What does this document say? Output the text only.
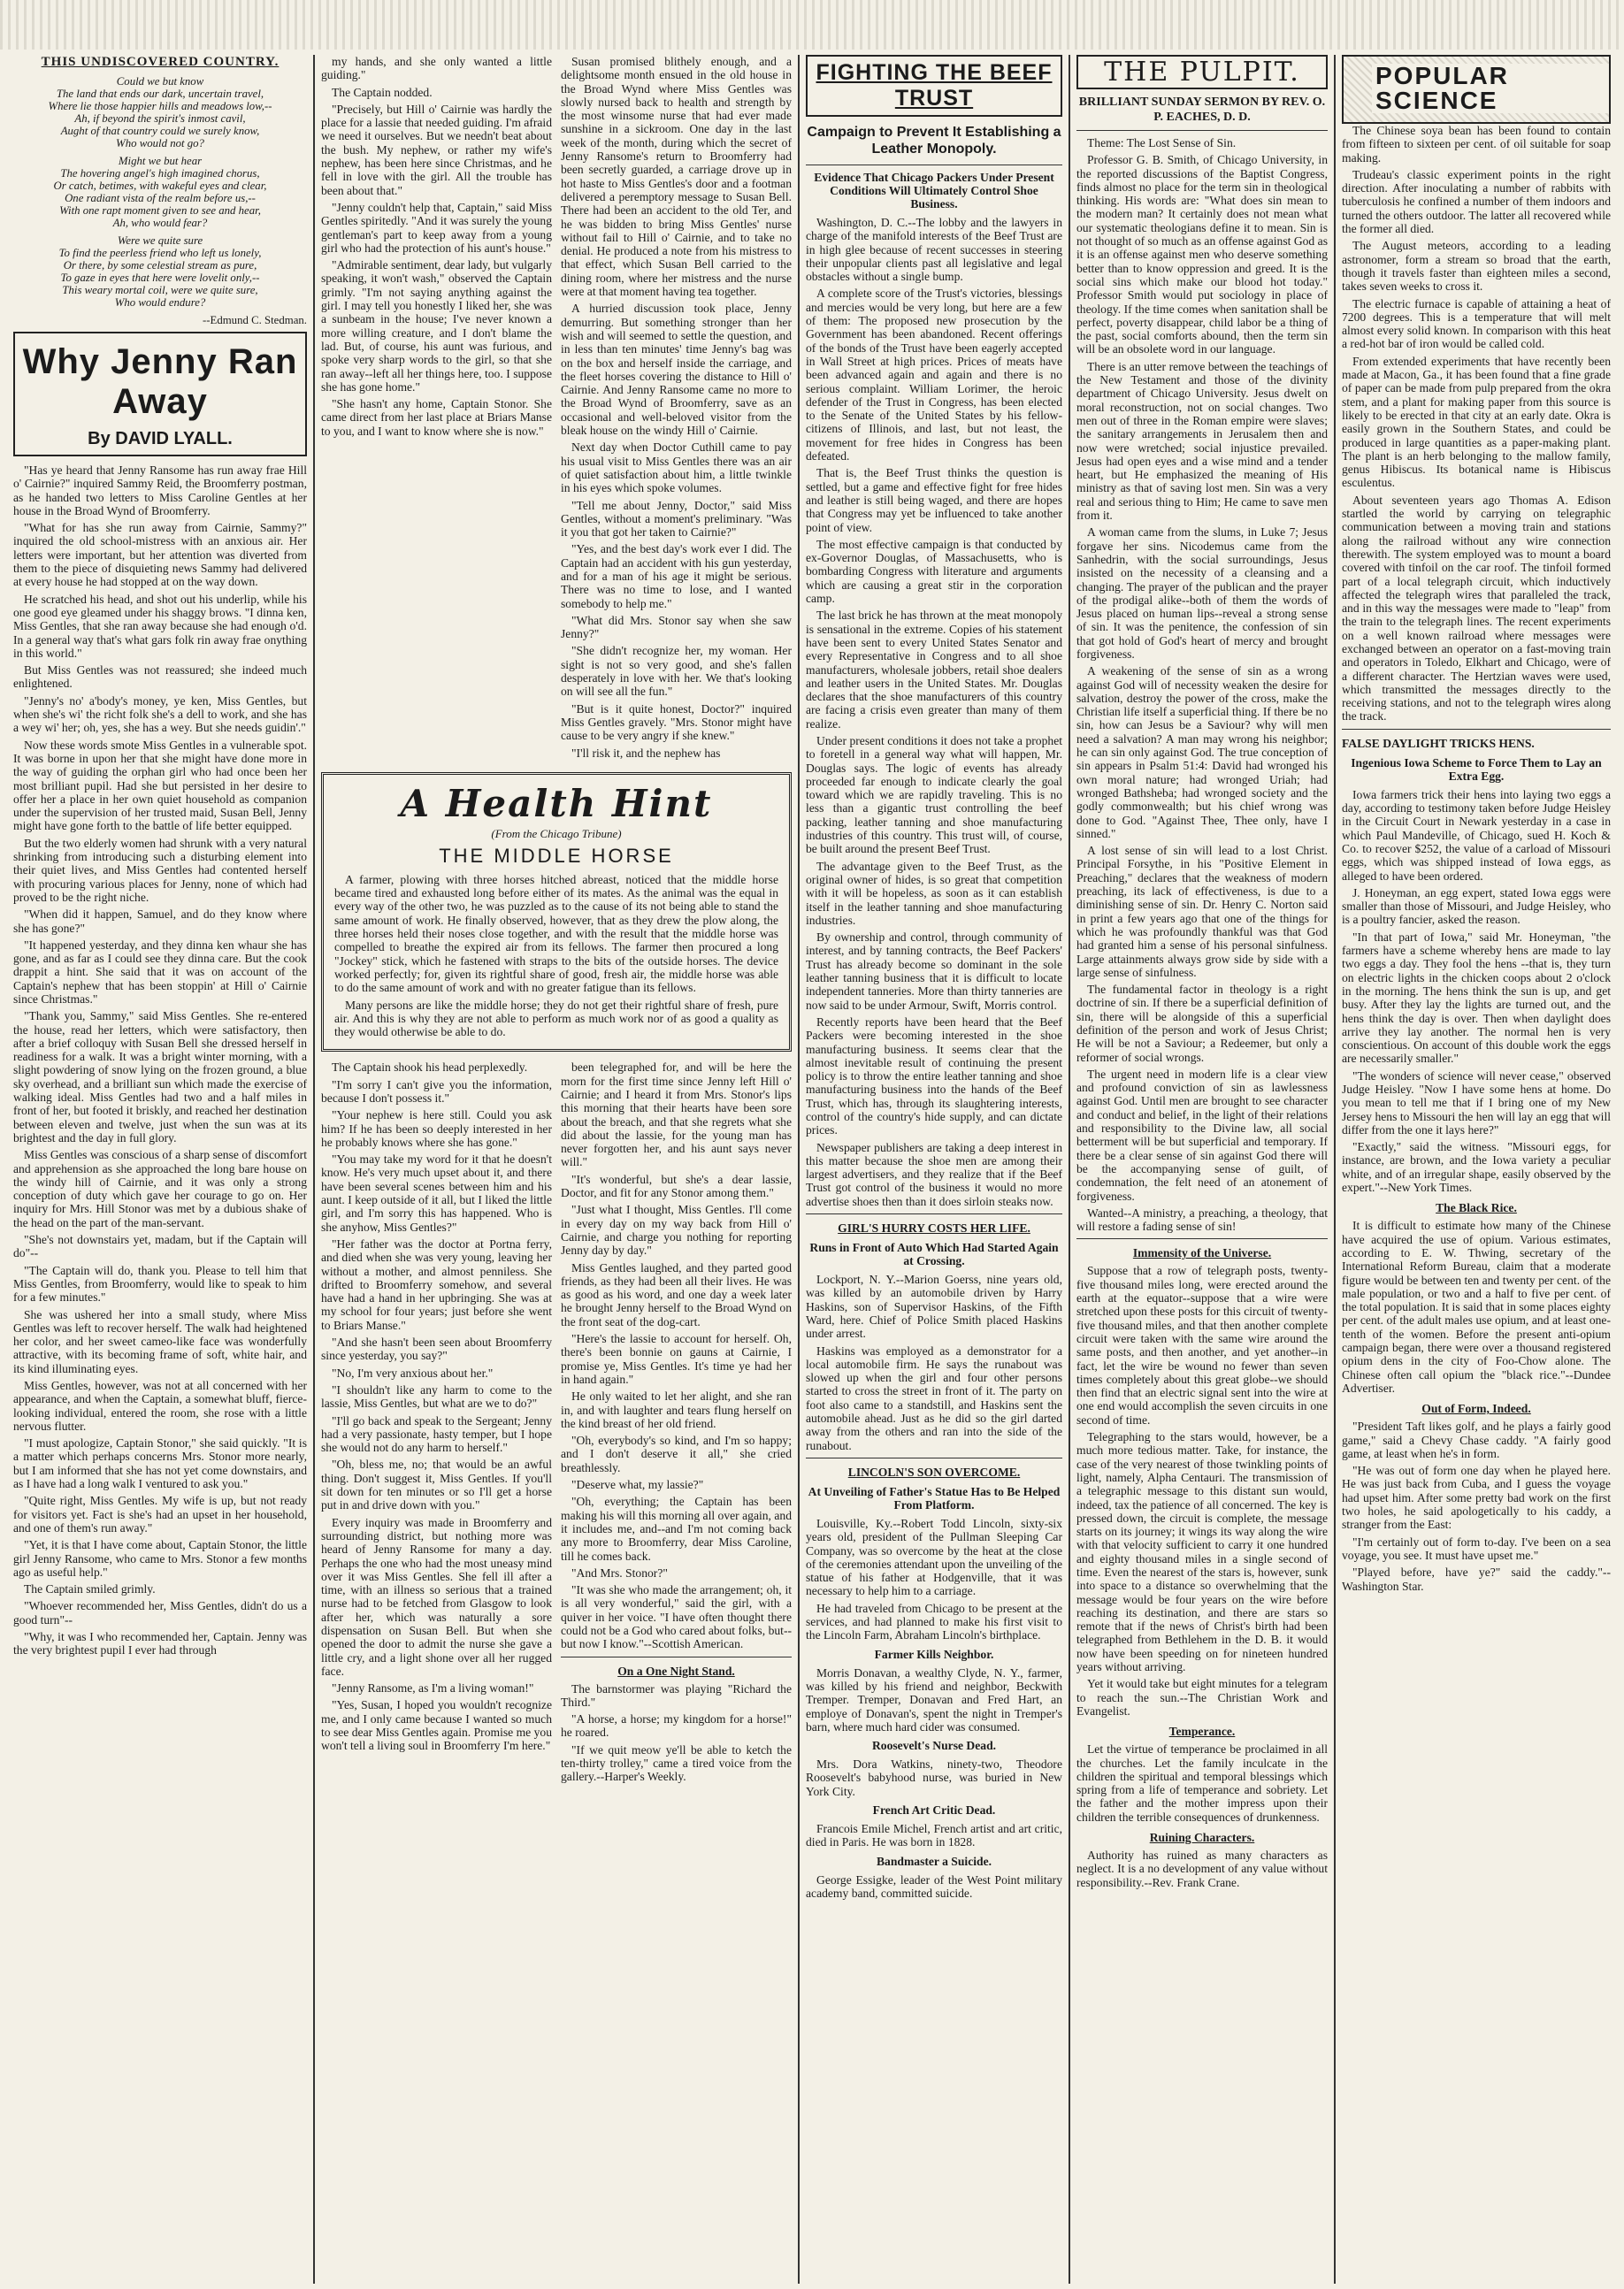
THIS UNDISCOVERED COUNTRY.

Could we but know

The land that ends our dark, uncertain travel,

Where lie those happier hills and meadows low,--

Ah, if beyond the spirit's inmost cavil,

Aught of that country could we surely know,

Who would not go?

Might we but hear

The hovering angel's high imagined chorus,

Or catch, betimes, with wakeful eyes and clear,

One radiant vista of the realm before us,--

With one rapt moment given to see and hear,

Ah, who would fear?

Were we quite sure

To find the peerless friend who left us lonely,

Or there, by some celestial stream as pure,

To gaze in eyes that here were lovelit only,--

This weary mortal coil, were we quite sure,

Who would endure?

--Edmund C. Stedman.

Why Jenny Ran Away
By DAVID LYALL.

"Has ye heard that Jenny Ransome has run away frae Hill o' Cairnie?" inquired Sammy Reid, the Broomferry postman, as he handed two letters to Miss Caroline Gentles at her house in the Broad Wynd of Broomferry.

"What for has she run away from Cairnie, Sammy?" inquired the old school-mistress with an anxious air. Her letters were important, but her attention was diverted from them to the piece of disquieting news Sammy had delivered at every house he had stopped at on the way down.

He scratched his head, and shot out his underlip, while his one good eye gleamed under his shaggy brows. "I dinna ken, Miss Gentles, that she ran away because she had enough o'd. In a general way that's what gars folk rin away frae onything in this world."

But Miss Gentles was not reassured; she indeed much enlightened.

"Jenny's no' a'body's money, ye ken, Miss Gentles, but when she's wi' the richt folk she's a dell to work, and she has a wey wi' her; oh, yes, she has a wey. But she needs guidin'."

Now these words smote Miss Gentles in a vulnerable spot. It was borne in upon her that she might have done more in the way of guiding the orphan girl who had once been her most brilliant pupil. Had she but persisted in her desire to offer her a place in her own quiet household as companion under the supervision of her trusted maid, Susan Bell, Jenny might have gone forth to the battle of life better equipped.

But the two elderly women had shrunk with a very natural shrinking from introducing such a disturbing element into their quiet lives, and Miss Gentles had contented herself with procuring various places for Jenny, none of which had proved to be the right niche.

"When did it happen, Samuel, and do they know where she has gone?"

"It happened yesterday, and they dinna ken whaur she has gone, and as far as I could see they dinna care. But the cook drappit a hint. She said that it was on account of the Captain's nephew that has been stoppin' at Hill o' Cairnie since Christmas."

"Thank you, Sammy," said Miss Gentles. She re-entered the house, read her letters, which were satisfactory, then after a brief colloquy with Susan Bell she dressed herself in readiness for a walk. It was a bright winter morning, with a slight powdering of snow lying on the frozen ground, a blue sky overhead, and a brilliant sun which made the exercise of walking ideal. Miss Gentles had two and a half miles in front of her, but footed it briskly, and reached her destination between eleven and twelve, just when the sun was at its brightest and the day in full glory.

Miss Gentles was conscious of a sharp sense of discomfort and apprehension as she approached the long bare house on the windy hill of Cairnie, and it was only a strong conception of duty which gave her courage to go on. Her inquiry for Mrs. Hill Stonor was met by a dubious shake of the head on the part of the man-servant.

"She's not downstairs yet, madam, but if the Captain will do"--

"The Captain will do, thank you. Please to tell him that Miss Gentles, from Broomferry, would like to speak to him for a few minutes."

She was ushered her into a small study, where Miss Gentles was left to recover herself. The walk had heightened her color, and her sweet cameo-like face was wonderfully attractive, with its becoming frame of soft, white hair, and its kind illuminating eyes.

Miss Gentles, however, was not at all concerned with her appearance, and when the Captain, a somewhat bluff, fierce-looking individual, entered the room, she rose with a little nervous flutter.

"I must apologize, Captain Stonor," she said quickly. "It is a matter which perhaps concerns Mrs. Stonor more nearly, but I am informed that she has not yet come downstairs, and as I have had a long walk I ventured to ask you."

"Quite right, Miss Gentles. My wife is up, but not ready for visitors yet. Fact is she's had an upset in her household, and one of them's run away."

"Yet, it is that I have come about, Captain Stonor, the little girl Jenny Ransome, who came to Mrs. Stonor a few months ago as useful help."

The Captain smiled grimly.

"Whoever recommended her, Miss Gentles, didn't do us a good turn"--

"Why, it was I who recommended her, Captain. Jenny was the very brightest pupil I ever had through

my hands, and she only wanted a little guiding."

The Captain nodded.

"Precisely, but Hill o' Cairnie was hardly the place for a lassie that needed guiding. I'm afraid we need it ourselves. But we needn't beat about the bush. My nephew, or rather my wife's nephew, has been here since Christmas, and he fell in love with the girl. All the trouble has been about that."

"Jenny couldn't help that, Captain," said Miss Gentles spiritedly. "And it was surely the young gentleman's part to keep away from a young girl who had the protection of his aunt's house."

"Admirable sentiment, dear lady, but vulgarly speaking, it won't wash," observed the Captain grimly. "I'm not saying anything against the girl. I may tell you honestly I liked her, she was a sunbeam in the house; I've never known a more willing creature, and I don't blame the lad. But, of course, his aunt was furious, and spoke very sharp words to the girl, so that she ran away--left all her things here, too. I suppose she has gone home."

"She hasn't any home, Captain Stonor. She came direct from her last place at Briars Manse to you, and I want to know where she is now."

Susan promised blithely enough, and a delightsome month ensued in the old house in the Broad Wynd where Miss Gentles was slowly nursed back to health and strength by the most winsome nurse that had ever made sunshine in a sickroom. One day in the last week of the month, during which the secret of Jenny Ransome's return to Broomferry had been secretly guarded, a carriage drove up in hot haste to Miss Gentles's door and a footman delivered a peremptory message to Susan Bell. There had been an accident to the old Ter, and he was bidden to bring Miss Gentles' nurse without fail to Hill o' Cairnie, and to take no denial. He produced a note from his mistress to that effect, which Susan Bell carried to the dining room, where her mistress and the nurse were at that moment having tea together.

A hurried discussion took place, Jenny demurring. But something stronger than her wish and will seemed to settle the question, and in less than ten minutes' time Jenny's bag was on the box and herself inside the carriage, and the fleet horses covering the distance to Hill o' Cairnie. And Jenny Ransome came no more to the Broad Wynd of Broomferry, save as an occasional and well-beloved visitor from the bleak house on the windy Hill o' Cairnie.

Next day when Doctor Cuthill came to pay his usual visit to Miss Gentles there was an air of quiet satisfaction about him, a little twinkle in his eyes which spoke volumes.

"Tell me about Jenny, Doctor," said Miss Gentles, without a moment's preliminary. "Was it you that got her taken to Cairnie?"

"Yes, and the best day's work ever I did. The Captain had an accident with his gun yesterday, and for a man of his age it might be serious. There was no time to lose, and I wanted somebody to help me."

"What did Mrs. Stonor say when she saw Jenny?"

"She didn't recognize her, my woman. Her sight is not so very good, and she's fallen desperately in love with her. We that's looking on will see all the fun."

"But is it quite honest, Doctor?" inquired Miss Gentles gravely. "Mrs. Stonor might have cause to be very angry if she knew."

"I'll risk it, and the nephew has

A Health Hint
(From the Chicago Tribune)
THE MIDDLE HORSE

A farmer, plowing with three horses hitched abreast, noticed that the middle horse became tired and exhausted long before either of its mates. As the animal was the equal in every way of the other two, he was puzzled as to the cause of its not being able to stand the same amount of work. He finally observed, however, that as they drew the plow along, the three horses held their noses close together, and with the result that the middle horse was compelled to breathe the expired air from its fellows. The farmer then procured a long "Jockey" stick, which he fastened with straps to the bits of the outside horses. The device worked perfectly; for, given its rightful share of good, fresh air, the middle horse was able to do the same amount of work and with no greater fatigue than its fellows.

Many persons are like the middle horse; they do not get their rightful share of fresh, pure air. And this is why they are not able to perform as much work nor of as good a quality as they would otherwise be able to do.

The Captain shook his head perplexedly.

"I'm sorry I can't give you the information, because I don't possess it."

"Your nephew is here still. Could you ask him? If he has been so deeply interested in her he probably knows where she has gone."

"You may take my word for it that he doesn't know. He's very much upset about it, and there have been several scenes between him and his aunt. I keep outside of it all, but I liked the little girl, and I'm sorry this has happened. Who is she anyhow, Miss Gentles?"

"Her father was the doctor at Portna ferry, and died when she was very young, leaving her without a mother, and almost penniless. She drifted to Broomferry somehow, and several have had a hand in her upbringing. She was at my school for four years; just before she went to Briars Manse."

"And she hasn't been seen about Broomferry since yesterday, you say?"

"No, I'm very anxious about her."

"I shouldn't like any harm to come to the lassie, Miss Gentles, but what are we to do?"

"I'll go back and speak to the Sergeant; Jenny had a very passionate, hasty temper, but I hope she would not do any harm to herself."

"Oh, bless me, no; that would be an awful thing. Don't suggest it, Miss Gentles. If you'll sit down for ten minutes or so I'll get a horse put in and drive down with you."

Every inquiry was made in Broomferry and surrounding district, but nothing more was heard of Jenny Ransome for many a day. Perhaps the one who had the most uneasy mind over it was Miss Gentles. She fell ill after a time, with an illness so serious that a trained nurse had to be fetched from Glasgow to look after her, which was naturally a sore dispensation on Susan Bell. But when she opened the door to admit the nurse she gave a little cry, and a light shone over all her rugged face.

"Jenny Ransome, as I'm a living woman!"

"Yes, Susan, I hoped you wouldn't recognize me, and I only came because I wanted so much to see dear Miss Gentles again. Promise me you won't tell a living soul in Broomferry I'm here."

been telegraphed for, and will be here the morn for the first time since Jenny left Hill o' Cairnie; and I heard it from Mrs. Stonor's lips this morning that their hearts have been sore about the breach, and that she regrets what she did about the lassie, for the young man has never forgotten her, and his aunt says never will."

"It's wonderful, but she's a dear lassie, Doctor, and fit for any Stonor among them."

"Just what I thought, Miss Gentles. I'll come in every day on my way back from Hill o' Cairnie, and charge you nothing for reporting Jenny day by day."

Miss Gentles laughed, and they parted good friends, as they had been all their lives. He was as good as his word, and one day a week later he brought Jenny herself to the Broad Wynd on the front seat of the dog-cart.

"Here's the lassie to account for herself. Oh, there's been bonnie on gauns at Cairnie, I promise ye, Miss Gentles. It's time ye had her in hand again."

He only waited to let her alight, and she ran in, and with laughter and tears flung herself on the kind breast of her old friend.

"Oh, everybody's so kind, and I'm so happy; and I don't deserve it all," she cried breathlessly.

"Deserve what, my lassie?"

"Oh, everything; the Captain has been making his will this morning all over again, and it includes me, and--and I'm not coming back any more to Broomferry, dear Miss Caroline, till he comes back.

"And Mrs. Stonor?"

"It was she who made the arrangement; oh, it is all very wonderful," said the girl, with a quiver in her voice. "I have often thought there could not be a God who cared about folks, but--but now I know."--Scottish American.

On a One Night Stand.

The barnstormer was playing "Richard the Third."

"A horse, a horse; my kingdom for a horse!" he roared.

"If we quit meow ye'll be able to ketch the ten-thirty trolley," came a tired voice from the gallery.--Harper's Weekly.

FIGHTING THE BEEF TRUST
Campaign to Prevent It Establishing a Leather Monopoly.
Evidence That Chicago Packers Under Present Conditions Will Ultimately Control Shoe Business.

Washington, D. C.--The lobby and the lawyers in charge of the manifold interests of the Beef Trust are in high glee because of recent successes in steering their unpopular clients past all legislative and legal obstacles without a single bump.

A complete score of the Trust's victories, blessings and mercies would be very long, but here are a few of them: The proposed new prosecution by the Government has been abandoned. Recent offerings of the bonds of the Trust have been eagerly accepted in Wall Street at high prices. Prices of meats have been advanced again and again and there is no serious complaint. William Lorimer, the heroic defender of the Trust in Congress, has been elected to the Senate of the United States by his fellow-citizens of Illinois, and last, but not least, the movement for free hides in Congress has been defeated.

That is, the Beef Trust thinks the question is settled, but a game and effective fight for free hides and leather is still being waged, and there are hopes that Congress may yet be influenced to take another point of view.

The most effective campaign is that conducted by ex-Governor Douglas, of Massachusetts, who is bombarding Congress with literature and arguments which are causing a great stir in the corporation camp.

The last brick he has thrown at the meat monopoly is sensational in the extreme. Copies of his statement have been sent to every United States Senator and every Representative in Congress and to all shoe manufacturers, wholesale jobbers, retail shoe dealers and leather users in the United States. Mr. Douglas declares that the shoe manufacturers of this country are facing a crisis even greater than many of them realize.

Under present conditions it does not take a prophet to foretell in a general way what will happen, Mr. Douglas says. The logic of events has already proceeded far enough to indicate clearly the goal toward which we are rapidly traveling. This is no less than a gigantic trust controlling the beef packing, leather tanning and shoe manufacturing industries of this country. This trust will, of course, be built around the present Beef Trust.

The advantage given to the Beef Trust, as the original owner of hides, is so great that competition with it will be hopeless, as soon as it can establish itself in the leather tanning and shoe manufacturing industries.

By ownership and control, through community of interest, and by tanning contracts, the Beef Packers' Trust has already become so dominant in the sole leather tanning business that it is difficult to locate independent tanneries. More than thirty tanneries are now said to be under Armour, Swift, Morris control.

Recently reports have been heard that the Beef Packers were becoming interested in the shoe manufacturing business. It seems clear that the almost inevitable result of continuing the present policy is to throw the entire leather tanning and shoe manufacturing business into the hands of the Beef Trust, which has, through its slaughtering interests, control of the country's hide supply, and can dictate prices.

Newspaper publishers are taking a deep interest in this matter because the shoe men are among their largest advertisers, and they realize that if the Beef Trust got control of the business it would no more advertise shoes then than it does sirloin steaks now.

GIRL'S HURRY COSTS HER LIFE.
Runs in Front of Auto Which Had Started Again at Crossing.

Lockport, N. Y.--Marion Goerss, nine years old, was killed by an automobile driven by Harry Haskins, son of Supervisor Haskins, of the Fifth Ward, here. Chief of Police Smith placed Haskins under arrest.

Haskins was employed as a demonstrator for a local automobile firm. He says the runabout was slowed up when the girl and four other persons started to cross the street in front of it. The party on foot also came to a standstill, and Haskins sent the automobile ahead. Just as he did so the girl darted away from the others and ran into the side of the runabout.

LINCOLN'S SON OVERCOME.
At Unveiling of Father's Statue Has to Be Helped From Platform.

Louisville, Ky.--Robert Todd Lincoln, sixty-six years old, president of the Pullman Sleeping Car Company, was so overcome by the heat at the close of the ceremonies attendant upon the unveiling of the statue of his father at Hodgenville, that it was necessary to help him to a carriage.

He had traveled from Chicago to be present at the services, and had planned to make his first visit to the Lincoln Farm, Abraham Lincoln's birthplace.

Farmer Kills Neighbor.

Morris Donavan, a wealthy Clyde, N. Y., farmer, was killed by his friend and neighbor, Beckwith Tremper. Tremper, Donavan and Fred Hart, an employe of Donavan's, spent the night in Tremper's barn, where much hard cider was consumed.

Roosevelt's Nurse Dead.

Mrs. Dora Watkins, ninety-two, Theodore Roosevelt's babyhood nurse, was buried in New York City.

French Art Critic Dead.

Francois Emile Michel, French artist and art critic, died in Paris. He was born in 1828.

Bandmaster a Suicide.

George Essigke, leader of the West Point military academy band, committed suicide.

THE PULPIT.
BRILLIANT SUNDAY SERMON BY REV. O. P. EACHES, D. D.

Theme: The Lost Sense of Sin.

Professor G. B. Smith, of Chicago University, in the reported discussions of the Baptist Congress, finds almost no place for the term sin in theological thinking. His words are: "What does sin mean to the modern man? It certainly does not mean what our systematic theologians define it to mean. Sin is not thought of so much as an offense against God as it is an offense against men who deserve something better than to know oppression and greed. It is the social sins which make our blood hot today." Professor Smith would put sociology in place of theology. If the time comes when sanitation shall be perfect, poverty disappear, child labor be a thing of the past, social comforts abound, then the term sin will be an obsolete word in our language.

There is an utter remove between the teachings of the New Testament and those of the divinity department of Chicago University. Jesus dwelt on moral reconstruction, not on social changes. Two men out of three in the Roman empire were slaves; the sanitary arrangements in Jerusalem then and now were wretched; social injustice prevailed. Jesus had open eyes and a wise mind and a tender heart, but He emphasized the meaning of His ministry as that of saving lost men. Sin was a very real and serious thing to Him; He came to save men from it.

A woman came from the slums, in Luke 7; Jesus forgave her sins. Nicodemus came from the Sanhedrin, with the social surroundings, Jesus insisted on the necessity of a cleansing and a changing. The prayer of the publican and the prayer of the prodigal alike--both of them the words of Jesus placed on human lips--reveal a strong sense of sin. It was the penitence, the confession of sin that got hold of God's heart of mercy and brought forgiveness.

A weakening of the sense of sin as a wrong against God will of necessity weaken the desire for salvation, destroy the power of the cross, make the Christian life itself a superficial thing. If there be no sin, how can Jesus be a Saviour? why will men need a salvation? A man may wrong his neighbor; he can sin only against God. The true conception of sin appears in Psalm 51:4: David had wronged his own moral nature; had wronged Uriah; had wronged Bathsheba; had wronged society and the godly commonwealth; but his chief wrong was done to God. "Against Thee, Thee only, have I sinned."

A lost sense of sin will lead to a lost Christ. Principal Forsythe, in his "Positive Element in Preaching," declares that the weakness of modern preaching, its lack of effectiveness, is due to a diminishing sense of sin. Dr. Henry C. Norton said in print a few years ago that one of the things for which he was profoundly thankful was that God had granted him a sense of his personal sinfulness. Large attainments always grow side by side with a large sense of sinfulness.

The fundamental factor in theology is a right doctrine of sin. If there be a superficial definition of sin, there will be alongside of this a superficial definition of the person and work of Jesus Christ; He will be not a Saviour; a Redeemer, but only a reformer of social wrongs.

The urgent need in modern life is a clear view and profound conviction of sin as lawlessness against God. Until men are brought to see character and conduct and belief, in the light of their relations and responsibility to the Divine law, all social betterment will be but superficial and temporary. If there be a clear sense of sin against God there will be the accompanying sense of guilt, of condemnation, the felt need of an atonement of forgiveness.

Wanted--A ministry, a preaching, a theology, that will restore a fading sense of sin!

Immensity of the Universe.

Suppose that a row of telegraph posts, twenty-five thousand miles long, were erected around the earth at the equator--suppose that a wire were stretched upon these posts for this circuit of twenty-five thousand miles, and that then another complete circuit were taken with the same wire around the same posts, and then another, and yet another--in fact, let the wire be wound no fewer than seven times completely about this great globe--we should then find that an electric signal sent into the wire at one end would accomplish the seven circuits in one second of time.

Telegraphing to the stars would, however, be a much more tedious matter. Take, for instance, the case of the very nearest of those twinkling points of light, namely, Alpha Centauri. The transmission of a telegraphic message to this distant sun would, indeed, tax the patience of all concerned. The key is pressed down, the circuit is complete, the message starts on its journey; it wings its way along the wire with that velocity sufficient to carry it one hundred and eighty thousand miles in a single second of time. Even the nearest of the stars is, however, sunk into space to a distance so overwhelming that the message would be four years on the wire before reaching its destination, and there are stars so remote that if the news of Christ's birth had been telegraphed from Bethlehem in the D. B. it would now have been speeding on for nineteen hundred years without arriving.

Yet it would take but eight minutes for a telegram to reach the sun.--The Christian Work and Evangelist.

Temperance.

Let the virtue of temperance be proclaimed in all the churches. Let the family inculcate in the children the spiritual and temporal blessings which spring from a life of temperance and sobriety. Let the father and the mother impress upon their children the terrible consequences of drunkenness.

Ruining Characters.

Authority has ruined as many characters as neglect. It is a no development of any value without responsibility.--Rev. Frank Crane.

POPULAR SCIENCE

The Chinese soya bean has been found to contain from fifteen to sixteen per cent. of oil suitable for soap making.

Trudeau's classic experiment points in the right direction. After inoculating a number of rabbits with tuberculosis he confined a number of them indoors and turned the others outdoor. The latter all recovered while the former all died.

The August meteors, according to a leading astronomer, form a stream so broad that the earth, though it travels faster than eighteen miles a second, takes seven weeks to cross it.

The electric furnace is capable of attaining a heat of 7200 degrees. This is a temperature that will melt almost every solid known. In comparison with this heat a red-hot bar of iron would be called cold.

From extended experiments that have recently been made at Macon, Ga., it has been found that a fine grade of paper can be made from pulp prepared from the okra stem, and a plant for making paper from this source is likely to be erected in that city at an early date. Okra is easily grown in the Southern States, and could be produced in large quantities as a paper-making plant. The plant is an herb belonging to the mallow family, genus Hibiscus. Its botanical name is Hibiscus esculentus.

About seventeen years ago Thomas A. Edison startled the world by carrying on telegraphic communication between a moving train and stations along the railroad without any wire connection therewith. The system employed was to mount a board covered with tinfoil on the car roof. The tinfoil formed part of a local telegraph circuit, which inductively affected the telegraph wires that paralleled the track, and in this way the messages were made to "leap" from the train to the telegraph lines. The recent experiments on a well known railroad where messages were exchanged between an operator on a fast-moving train and operators in Toledo, Elkhart and Chicago, were of a different character. The Hertzian waves were used, which transmitted the messages directly to the receiving stations, and not to the telegraph wires along the track.

FALSE DAYLIGHT TRICKS HENS.
Ingenious Iowa Scheme to Force Them to Lay an Extra Egg.

Iowa farmers trick their hens into laying two eggs a day, according to testimony taken before Judge Heisley in the Circuit Court in Newark yesterday in a case in which Paul Mandeville, of Chicago, sued H. Koch & Co. to recover $252, the value of a carload of Missouri eggs, which was shipped instead of Iowa eggs, as alleged to have been ordered.

J. Honeyman, an egg expert, stated Iowa eggs were smaller than those of Missouri, and Judge Heisley, who is a poultry fancier, asked the reason.

"In that part of Iowa," said Mr. Honeyman, "the farmers have a scheme whereby hens are made to lay two eggs a day. They fool the hens --that is, they turn on electric lights in the chicken coops about 2 o'clock in the morning. The hens think the sun is up, and get busy. After they lay the lights are turned out, and the hens think the day is over. Then when daylight does arrive they lay another. The normal hen is very conscientious. On account of this double work the eggs are necessarily smaller."

"The wonders of science will never cease," observed Judge Heisley. "Now I have some hens at home. Do you mean to tell me that if I bring one of my New Jersey hens to Missouri the hen will lay an egg that will differ from the one it lays here?"

"Exactly," said the witness. "Missouri eggs, for instance, are brown, and the Iowa variety a peculiar white, and of an irregular shape, easily observed by the expert."--New York Times.

The Black Rice.

It is difficult to estimate how many of the Chinese have acquired the use of opium. Various estimates, according to E. W. Thwing, secretary of the International Reform Bureau, claim that a moderate figure would be between ten and twenty per cent. of the male population, or two and a half to five per cent. of the total population. It is said that in some places eighty per cent. of the adult males use opium, and at least one-tenth of the women. Before the present anti-opium campaign began, there were over a thousand registered opium dens in the city of Foo-Chow alone. The Chinese often call opium the "black rice."--Dundee Advertiser.

Out of Form, Indeed.

"President Taft likes golf, and he plays a fairly good game," said a Chevy Chase caddy. "A fairly good game, at least when he's in form.

"He was out of form one day when he played here. He was just back from Cuba, and I guess the voyage had upset him. After some pretty bad work on the first two holes, he said apologetically to his caddy, a stranger from the East:

"I'm certainly out of form to-day. I've been on a sea voyage, you see. It must have upset me."

"Played before, have ye?" said the caddy."--Washington Star.
